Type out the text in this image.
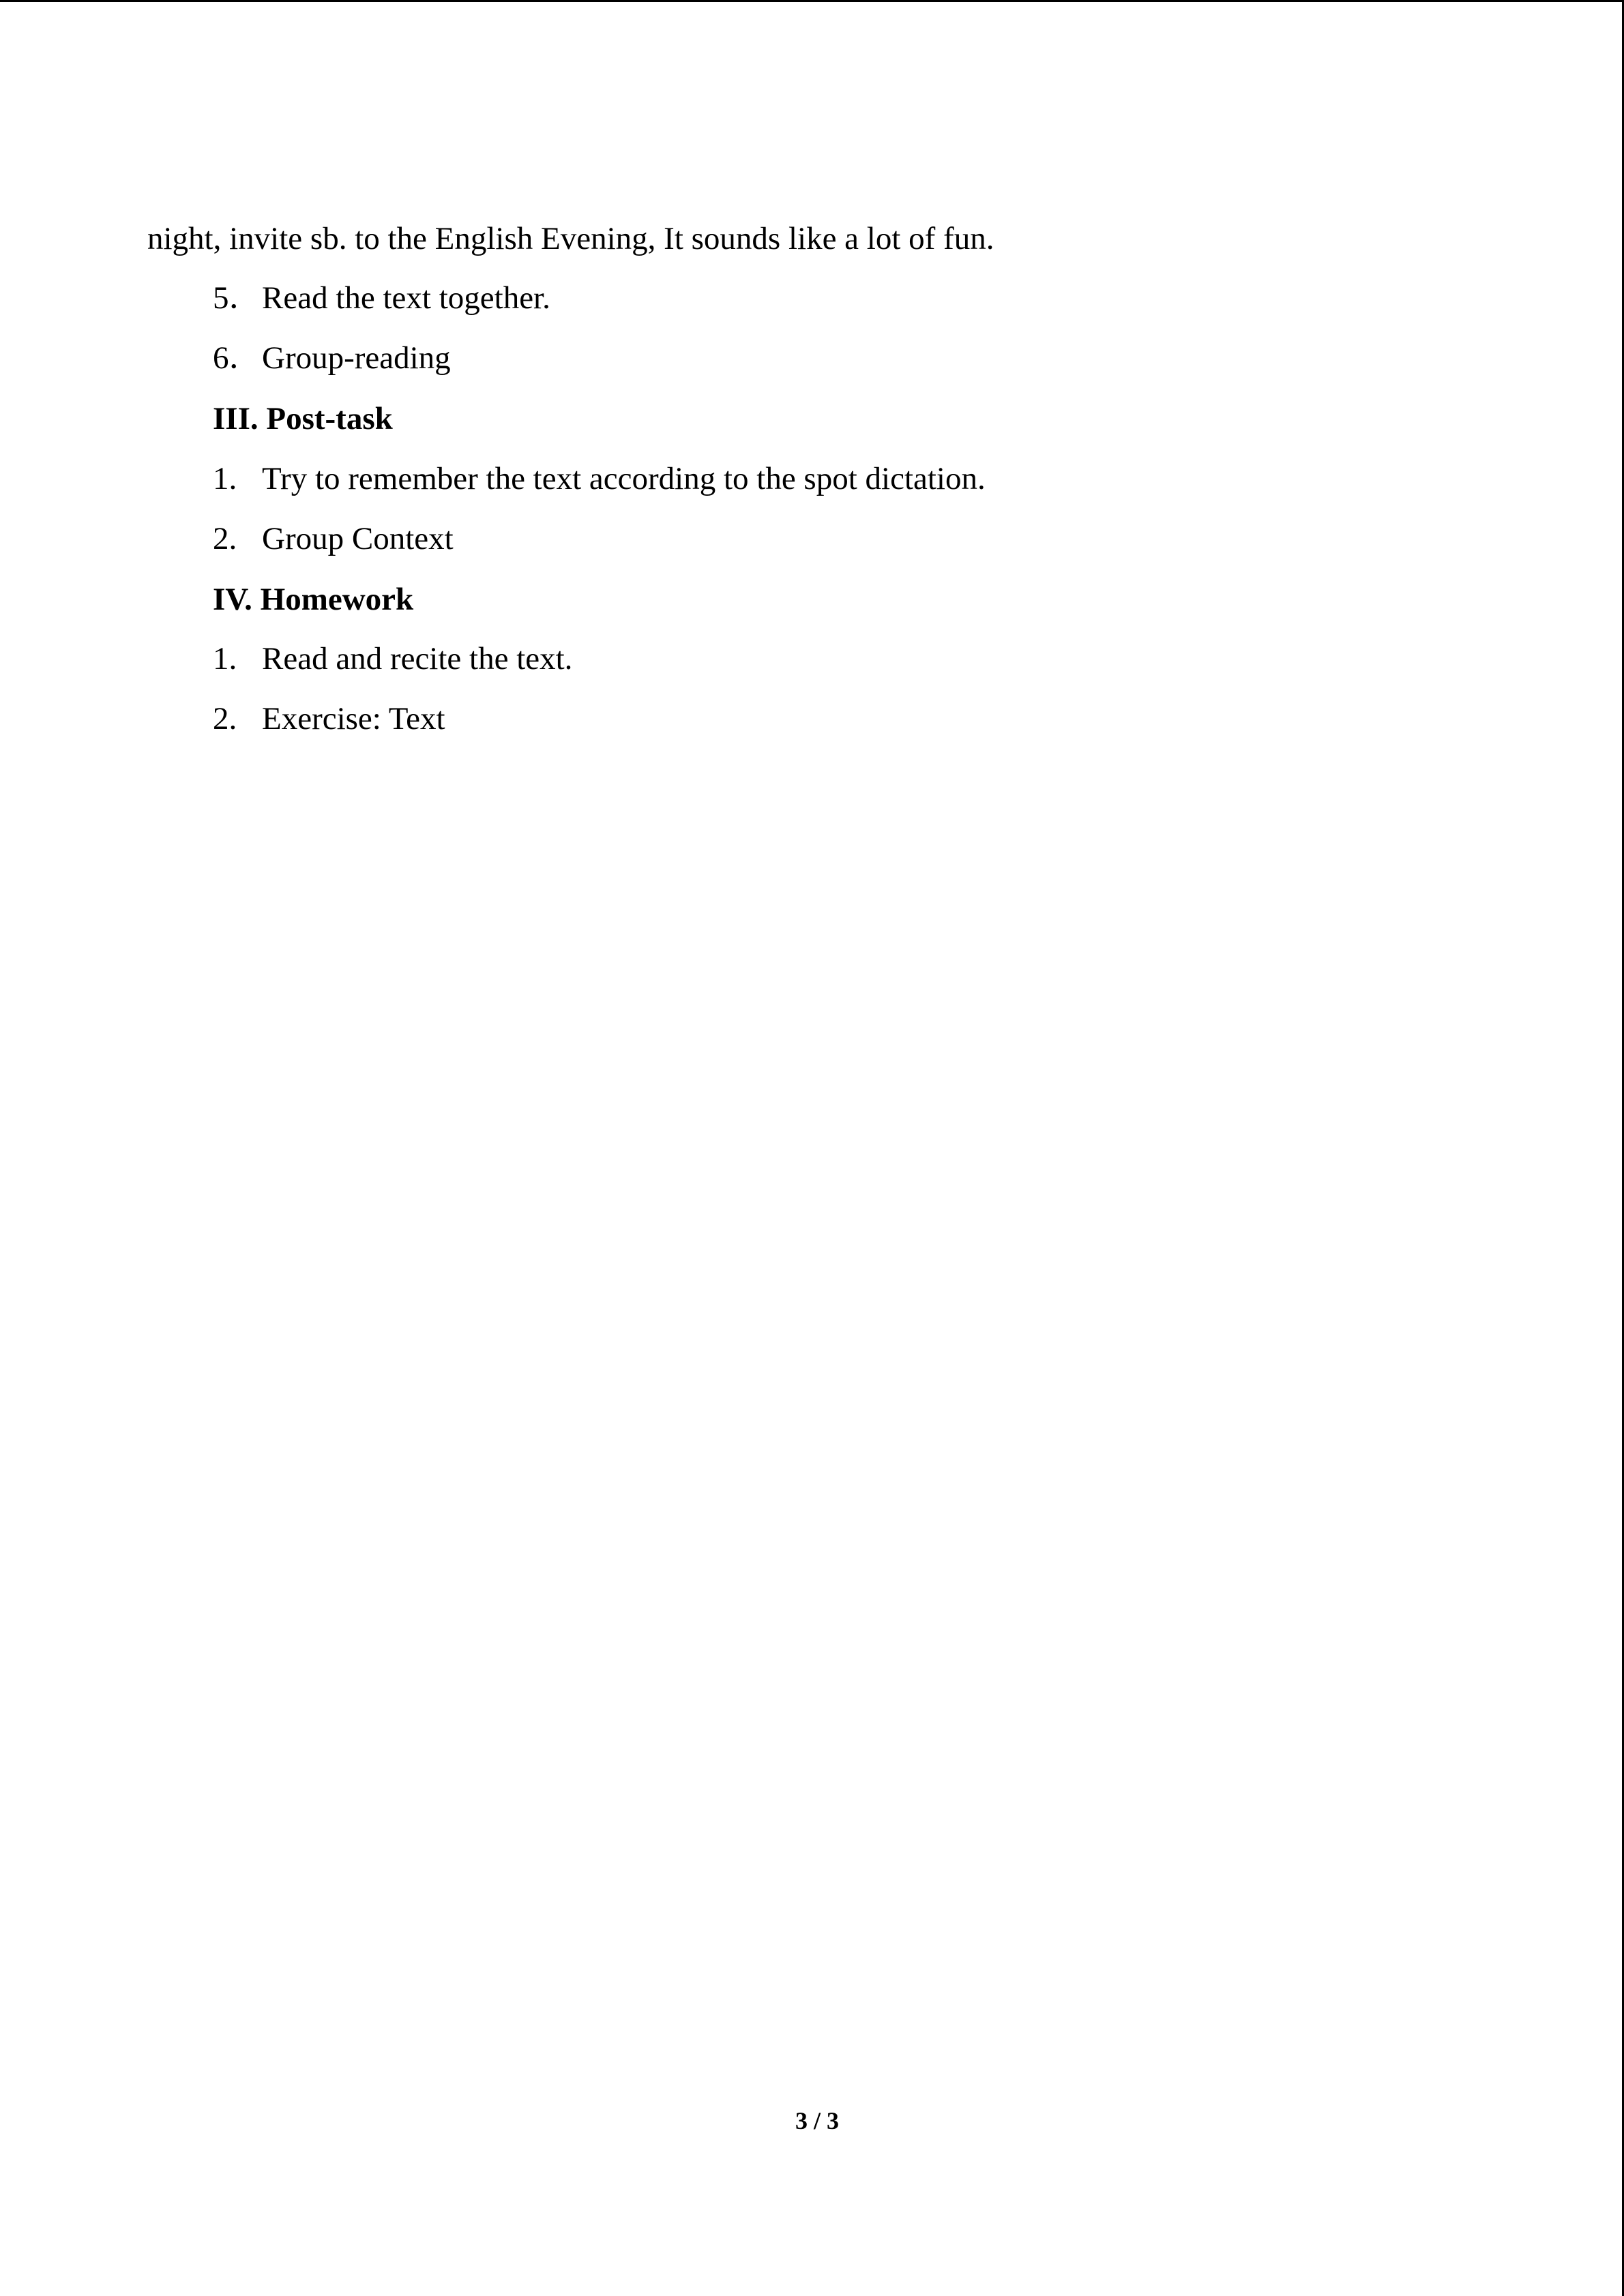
night, invite sb. to the English Evening, It sounds like a lot of fun.
5． Read the text together.
6． Group-reading
III. Post-task
1. Try to remember the text according to the spot dictation.
2. Group Context
IV. Homework
1. Read and recite the text.
2. Exercise: Text
3 / 3
